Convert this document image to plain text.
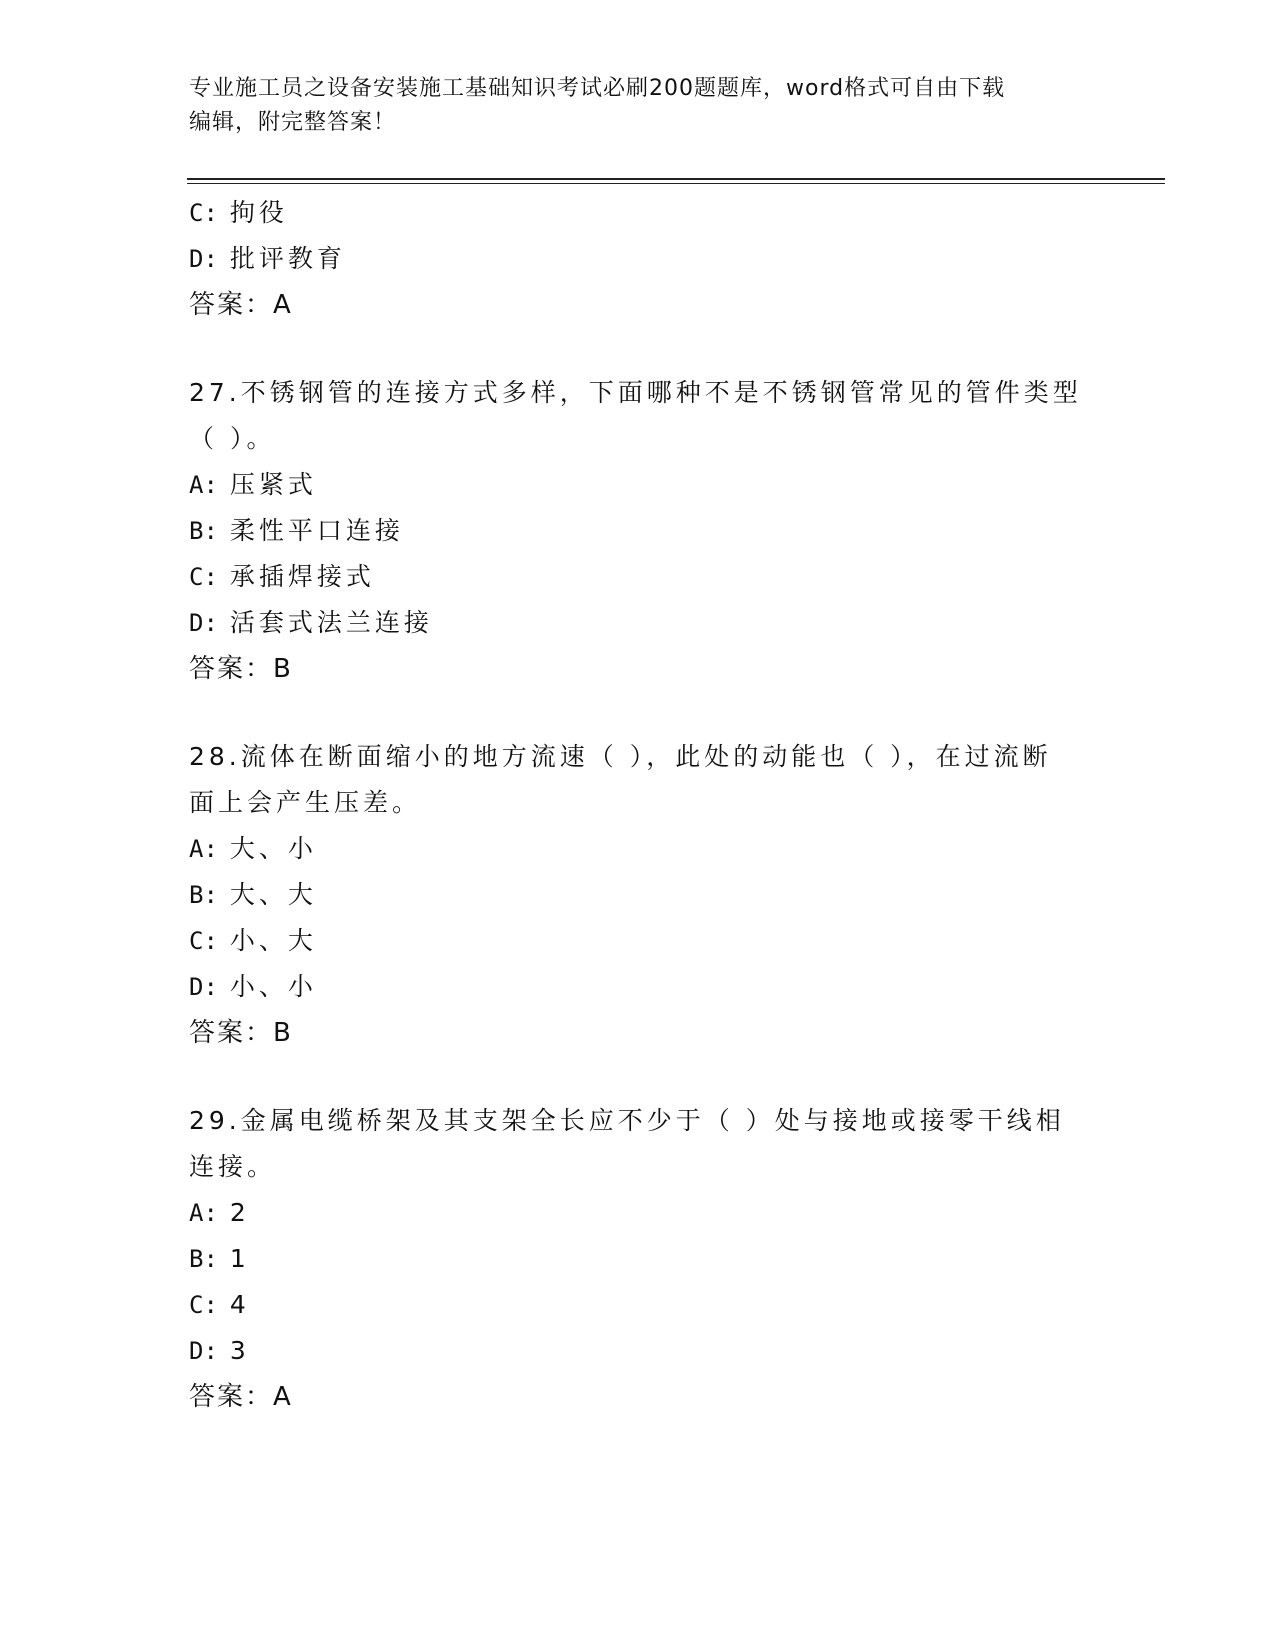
专业施工员之设备安装施工基础知识考试必刷200题题库，word格式可自由下载
编辑，附完整答案！
C: 拘役
D: 批评教育
答案：A
27.不锈钢管的连接方式多样，下面哪种不是不锈钢管常见的管件类型
（ ）。
A: 压紧式
B: 柔性平口连接
C: 承插焊接式
D: 活套式法兰连接
答案：B
28.流体在断面缩小的地方流速（ ），此处的动能也（ ），在过流断
面上会产生压差。
A: 大、小
B: 大、大
C: 小、大
D: 小、小
答案：B
29.金属电缆桥架及其支架全长应不少于（ ）处与接地或接零干线相
连接。
A: 2
B: 1
C: 4
D: 3
答案：A
